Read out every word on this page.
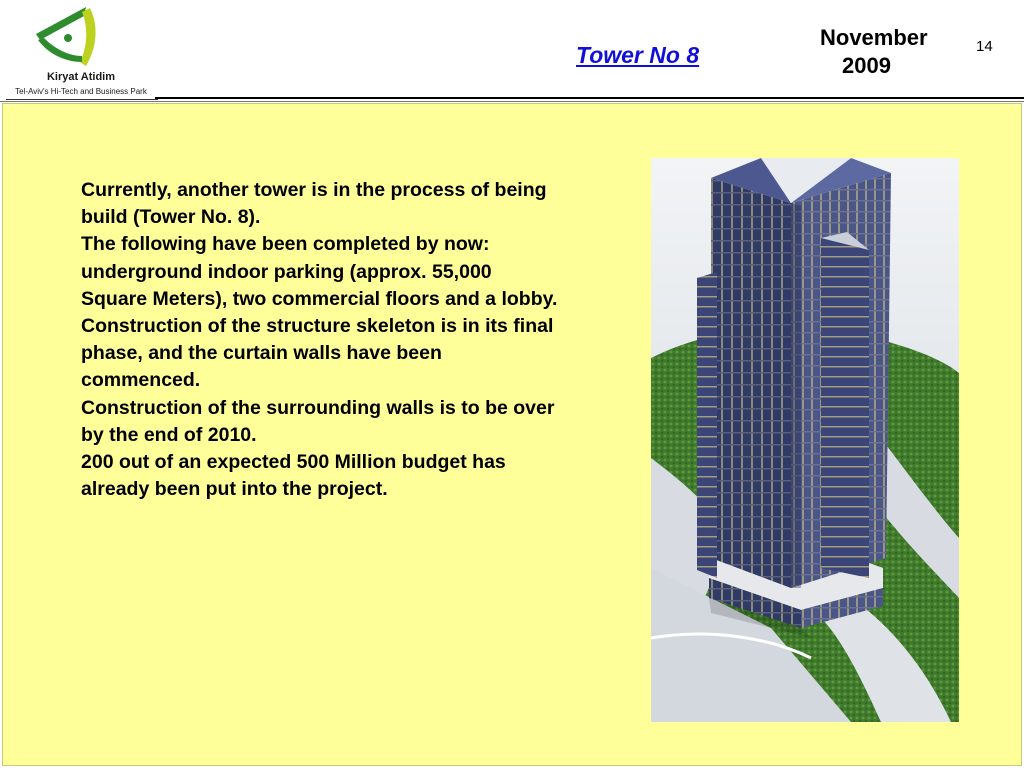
Kiryat Atidim
Tel-Aviv's Hi-Tech and Business Park
Tower No 8
November
2009
14

Currently, another tower is in the process of being build (Tower No. 8).

The following have been completed by now: underground indoor parking (approx. 55,000 Square Meters), two commercial floors and a lobby.

Construction of the structure skeleton is in its final phase, and the curtain walls have been commenced.

Construction of the surrounding walls is to be over by the end of 2010.

200 out of an expected 500 Million budget has already been put into the project.
